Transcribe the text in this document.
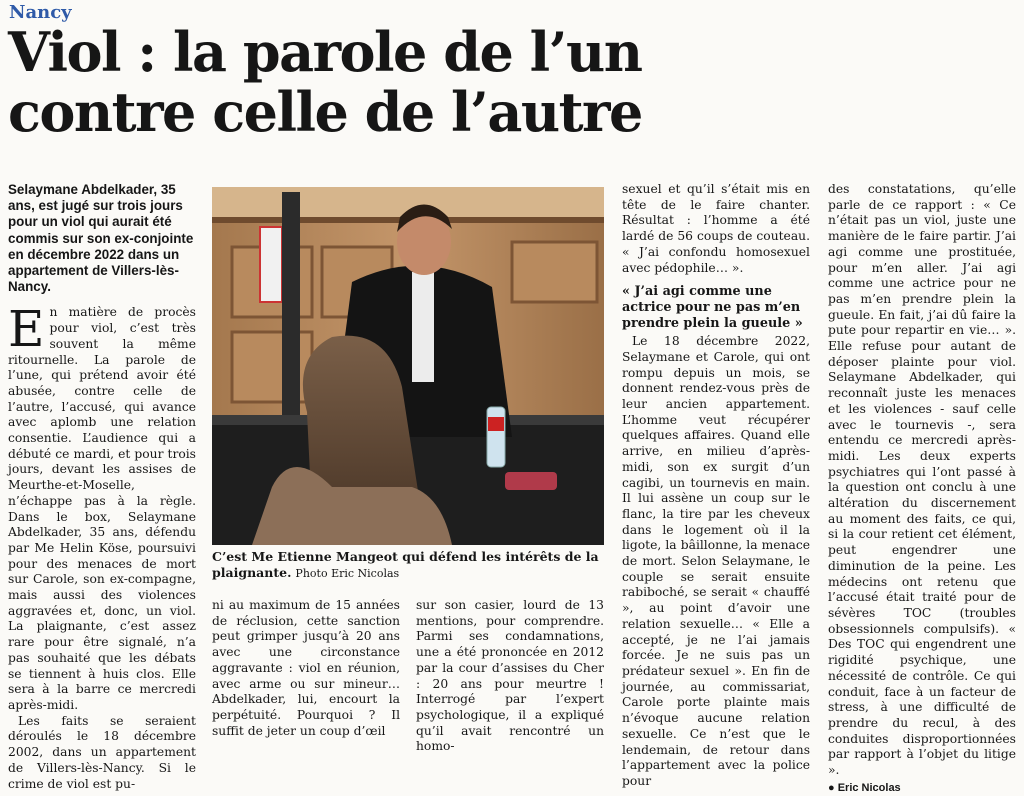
Nancy
Viol : la parole de l’un contre celle de l’autre

Selaymane Abdelkader, 35 ans, est jugé sur trois jours pour un viol qui aurait été commis sur son ex-conjointe en décembre 2022 dans un appartement de Villers-lès-Nancy.

En matière de procès pour viol, c’est très souvent la même ritournelle. La parole de l’une, qui prétend avoir été abusée, contre celle de l’autre, l’accusé, qui avance avec aplomb une relation consentie. L’audience qui a débuté ce mardi, et pour trois jours, devant les assises de Meurthe-et-Moselle, n’échappe pas à la règle. Dans le box, Selaymane Abdelkader, 35 ans, défendu par Me Helin Köse, poursuivi pour des menaces de mort sur Carole, son ex-compagne, mais aussi des violences aggravées et, donc, un viol. La plaignante, c’est assez rare pour être signalé, n’a pas souhaité que les débats se tiennent à huis clos. Elle sera à la barre ce mercredi après-midi.

Les faits se seraient déroulés le 18 décembre 2002, dans un appartement de Villers-lès-Nancy. Si le crime de viol est pu-

C’est Me Etienne Mangeot qui défend les intérêts de la plaignante. Photo Eric Nicolas

ni au maximum de 15 années de réclusion, cette sanction peut grimper jusqu’à 20 ans avec une circonstance aggravante : viol en réunion, avec arme ou sur mineur… Abdelkader, lui, encourt la perpétuité. Pourquoi ? Il suffit de jeter un coup d’œil

sur son casier, lourd de 13 mentions, pour comprendre. Parmi ses condamnations, une a été prononcée en 2012 par la cour d’assises du Cher : 20 ans pour meurtre ! Interrogé par l’expert psychologique, il a expliqué qu’il avait rencontré un homo-

sexuel et qu’il s’était mis en tête de le faire chanter. Résultat : l’homme a été lardé de 56 coups de couteau. « J’ai confondu homosexuel avec pédophile… ».

« J’ai agi comme une actrice pour ne pas m’en prendre plein la gueule »

Le 18 décembre 2022, Selaymane et Carole, qui ont rompu depuis un mois, se donnent rendez-vous près de leur ancien appartement. L’homme veut récupérer quelques affaires. Quand elle arrive, en milieu d’après-midi, son ex surgit d’un cagibi, un tournevis en main. Il lui assène un coup sur le flanc, la tire par les cheveux dans le logement où il la ligote, la bâillonne, la menace de mort. Selon Selaymane, le couple se serait ensuite rabiboché, se serait « chauffé », au point d’avoir une relation sexuelle… « Elle a accepté, je ne l’ai jamais forcée. Je ne suis pas un prédateur sexuel ». En fin de journée, au commissariat, Carole porte plainte mais n’évoque aucune relation sexuelle. Ce n’est que le lendemain, de retour dans l’appartement avec la police pour

des constatations, qu’elle parle de ce rapport : « Ce n’était pas un viol, juste une manière de le faire partir. J’ai agi comme une prostituée, pour m’en aller. J’ai agi comme une actrice pour ne pas m’en prendre plein la gueule. En fait, j’ai dû faire la pute pour repartir en vie… ». Elle refuse pour autant de déposer plainte pour viol. Selaymane Abdelkader, qui reconnaît juste les menaces et les violences - sauf celle avec le tournevis -, sera entendu ce mercredi après-midi. Les deux experts psychiatres qui l’ont passé à la question ont conclu à une altération du discernement au moment des faits, ce qui, si la cour retient cet élément, peut engendrer une diminution de la peine. Les médecins ont retenu que l’accusé était traité pour de sévères TOC (troubles obsessionnels compulsifs). « Des TOC qui engendrent une rigidité psychique, une nécessité de contrôle. Ce qui conduit, face à un facteur de stress, à une difficulté de prendre du recul, à des conduites disproportionnées par rapport à l’objet du litige ».

● Eric Nicolas
